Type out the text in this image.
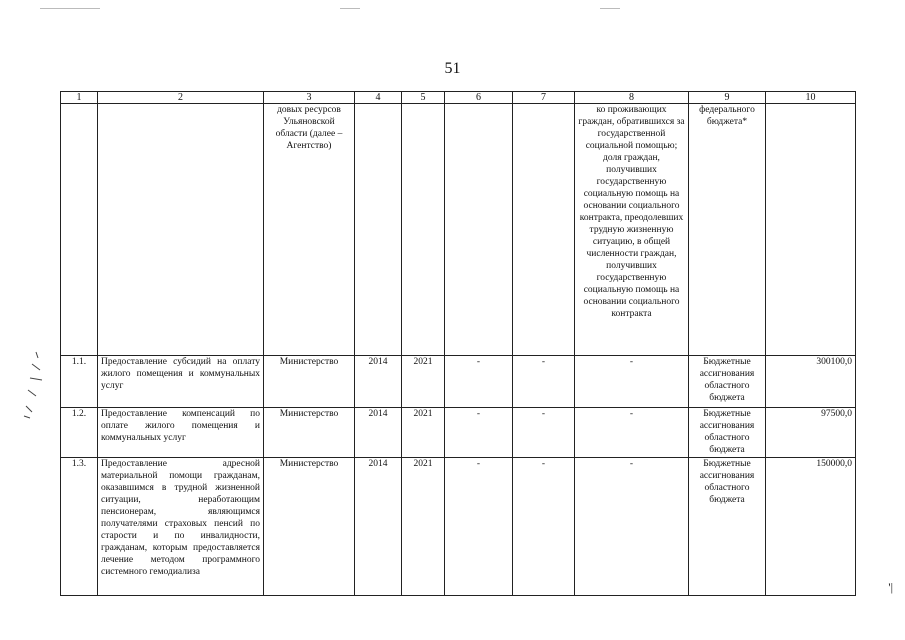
51
1	2	3	4	5	6	7	8	9	10
		довых ресурсов Ульяновской области (далее – Агентство)					ко проживающих граждан, обратившихся за государственной социальной помощью; доля граждан, получивших государственную социальную помощь на основании социального контракта, преодолевших трудную жизненную ситуацию, в общей численности граждан, получивших государственную социальную помощь на основании социального контракта	федерального бюджета*	
1.1.	Предоставление субсидий на оплату жилого помещения и коммунальных услуг	Министерство	2014	2021	-	-	-	Бюджетные ассигнования областного бюджета	300100,0
1.2.	Предоставление компенсаций по оплате жилого помещения и коммунальных услуг	Министерство	2014	2021	-	-	-	Бюджетные ассигнования областного бюджета	97500,0
1.3.	Предоставление адресной материальной помощи гражданам, оказавшимся в трудной жизненной ситуации, неработающим пенсионерам, являющимся получателями страховых пенсий по старости и по инвалидности, гражданам, которым предоставляется лечение методом программного системного гемодиализа	Министерство	2014	2021	-	-	-	Бюджетные ассигнования областного бюджета	150000,0
'|
